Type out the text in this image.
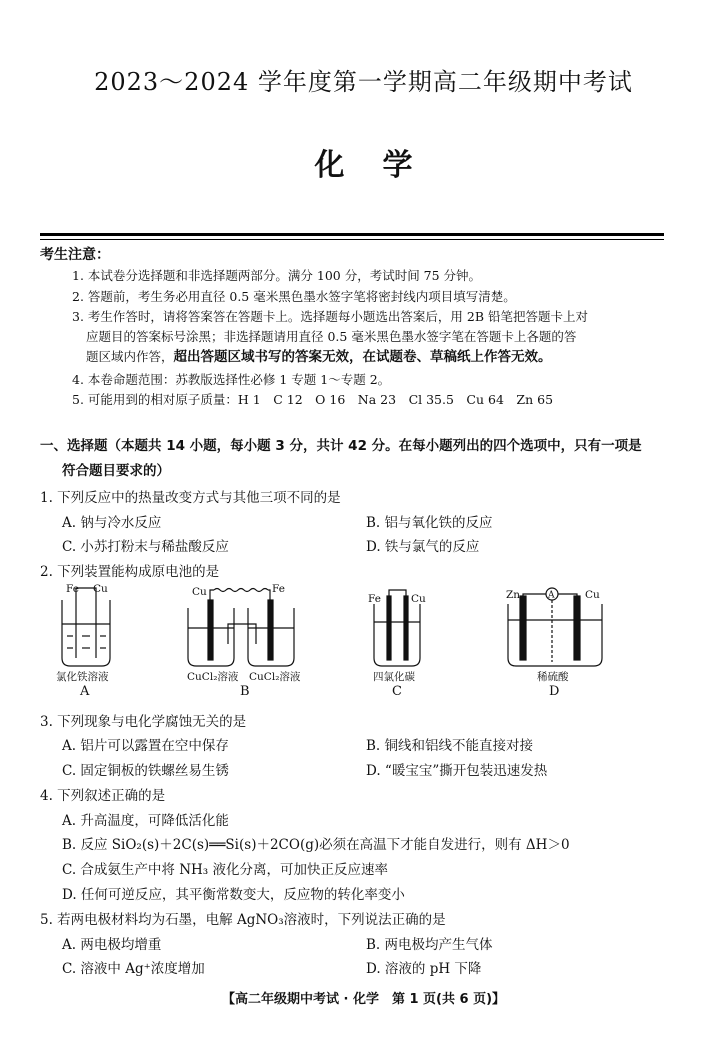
2023～2024 学年度第一学期高二年级期中考试
化学
考生注意：
1. 本试卷分选择题和非选择题两部分。满分 100 分，考试时间 75 分钟。
2. 答题前，考生务必用直径 0.5 毫米黑色墨水签字笔将密封线内项目填写清楚。
3. 考生作答时，请将答案答在答题卡上。选择题每小题选出答案后，用 2B 铅笔把答题卡上对
应题目的答案标号涂黑；非选择题请用直径 0.5 毫米黑色墨水签字笔在答题卡上各题的答
题区域内作答，超出答题区域书写的答案无效，在试题卷、草稿纸上作答无效。
4. 本卷命题范围：苏教版选择性必修 1 专题 1～专题 2。
5. 可能用到的相对原子质量：H 1　C 12　O 16　Na 23　Cl 35.5　Cu 64　Zn 65
一、选择题（本题共 14 小题，每小题 3 分，共计 42 分。在每小题列出的四个选项中，只有一项是
符合题目要求的）
1. 下列反应中的热量改变方式与其他三项不同的是
A. 钠与冷水反应	B. 铝与氧化铁的反应
C. 小苏打粉末与稀盐酸反应	D. 铁与氯气的反应
2. 下列装置能构成原电池的是
Fe Cu
氯化铁溶液
A
Cu	Fe
CuCl₂溶液 CuCl₂溶液
B
Fe	Cu
四氯化碳
C
Zn	Cu
A
稀硫酸
D
3. 下列现象与电化学腐蚀无关的是
A. 铝片可以露置在空中保存	B. 铜线和铝线不能直接对接
C. 固定铜板的铁螺丝易生锈	D. “暖宝宝”撕开包装迅速发热
4. 下列叙述正确的是
A. 升高温度，可降低活化能
B. 反应 SiO₂(s)＋2C(s)══Si(s)＋2CO(g)必须在高温下才能自发进行，则有 ΔH＞0
C. 合成氨生产中将 NH₃ 液化分离，可加快正反应速率
D. 任何可逆反应，其平衡常数变大，反应物的转化率变小
5. 若两电极材料均为石墨，电解 AgNO₃溶液时，下列说法正确的是
A. 两电极均增重	B. 两电极均产生气体
C. 溶液中 Ag⁺浓度增加	D. 溶液的 pH 下降
【高二年级期中考试 · 化学　第 1 页(共 6 页)】
